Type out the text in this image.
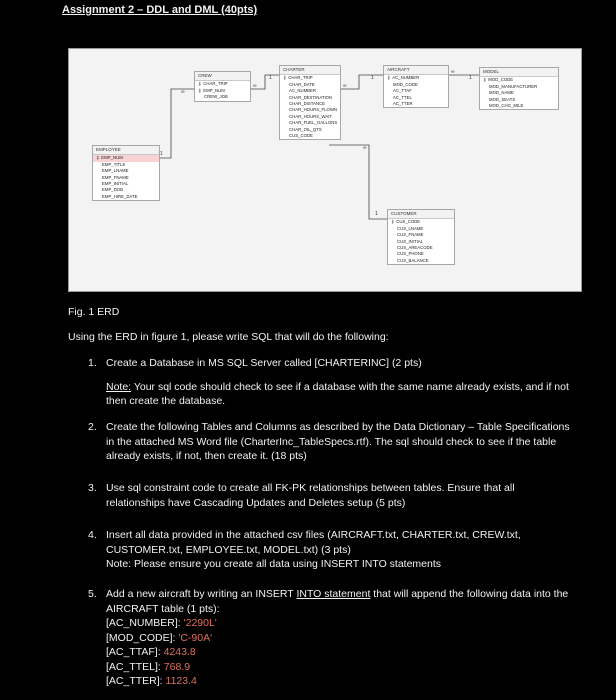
Assignment 2 – DDL and DML (40pts)
1
∞
∞
1
∞
1
∞
1
∞
1
CREW
⚷ CHAR_TRIP
⚷ EMP_NUM
CREW_JOB
CHARTER
⚷ CHAR_TRIP
CHAR_DATE
AC_NUMBER
CHAR_DESTINATION
CHAR_DISTANCE
CHAR_HOURS_FLOWN
CHAR_HOURS_WAIT
CHAR_FUEL_GALLONS
CHAR_OIL_QTS
CUS_CODE
AIRCRAFT
⚷ AC_NUMBER
MOD_CODE
AC_TTAF
AC_TTEL
AC_TTER
MODEL
⚷ MOD_CODE
MOD_MANUFACTURER
MOD_NAME
MOD_SEATS
MOD_CHG_MILE
EMPLOYEE
⚷ EMP_NUM
EMP_TITLE
EMP_LNAME
EMP_FNAME
EMP_INITIAL
EMP_DOB
EMP_HIRE_DATE
CUSTOMER
⚷ CUS_CODE
CUS_LNAME
CUS_FNAME
CUS_INITIAL
CUS_AREACODE
CUS_PHONE
CUS_BALANCE
Fig. 1 ERD
Using the ERD in figure 1, please write SQL that will do the following:
1. Create a Database in MS SQL Server called [CHARTERINC] (2 pts)
Note: Your sql code should check to see if a database with the same name already exists, and if not then create the database.
2. Create the following Tables and Columns as described by the Data Dictionary – Table Specifications in the attached MS Word file (CharterInc_TableSpecs.rtf). The sql should check to see if the table already exists, if not, then create it. (18 pts)
3. Use sql constraint code to create all FK-PK relationships between tables. Ensure that all relationships have Cascading Updates and Deletes setup (5 pts)
4. Insert all data provided in the attached csv files (AIRCRAFT.txt, CHARTER.txt, CREW.txt, CUSTOMER.txt, EMPLOYEE.txt, MODEL.txt) (3 pts)
Note: Please ensure you create all data using INSERT INTO statements
5. Add a new aircraft by writing an INSERT INTO statement that will append the following data into the AIRCRAFT table (1 pts):
[AC_NUMBER]: '2290L'
[MOD_CODE]: 'C-90A'
[AC_TTAF]: 4243.8
[AC_TTEL]: 768.9
[AC_TTER]: 1123.4
